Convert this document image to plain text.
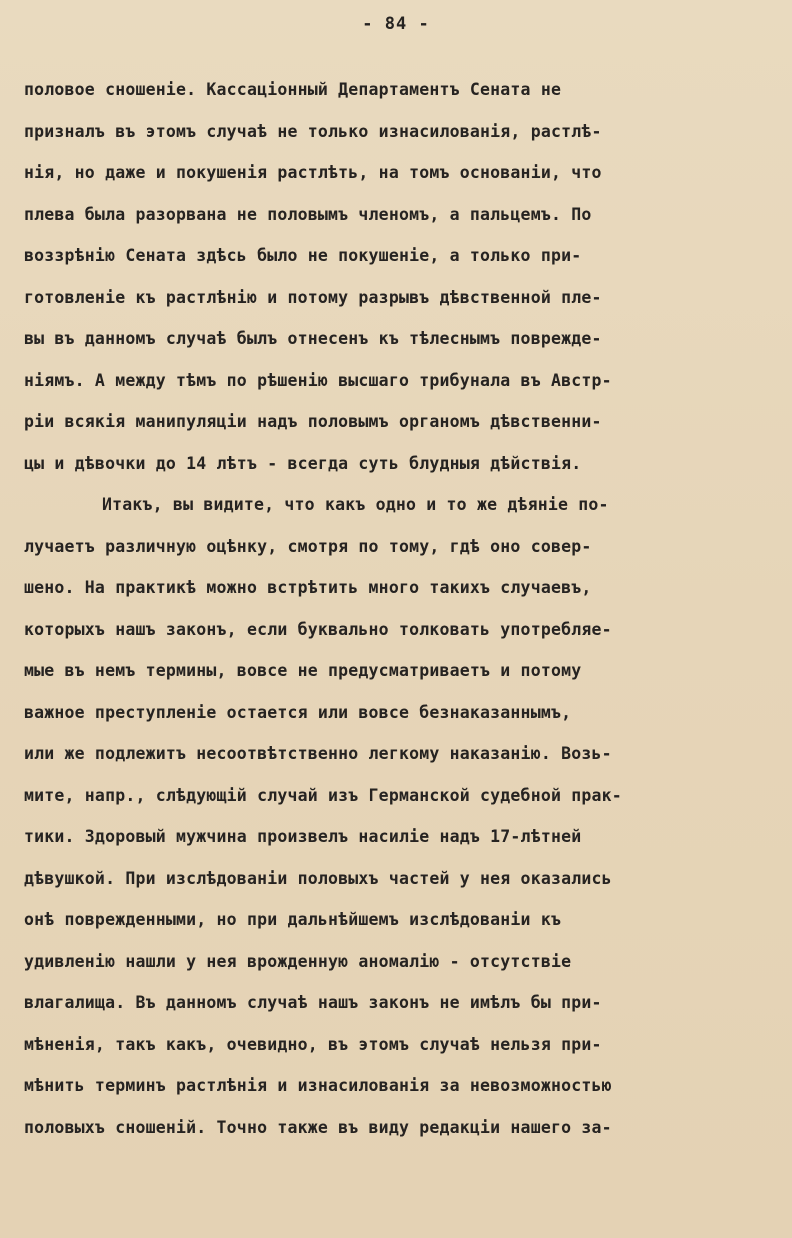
- 84 -
половое сношеніе. Кассаціонный Департаментъ Сената не
призналъ въ этомъ случаѣ не только изнасилованія, растлѣ-
нія, но даже и покушенія растлѣть, на томъ основаніи, что
плева была разорвана не половымъ членомъ, а пальцемъ. По
воззрѣнію Сената здѣсь было не покушеніе, а только при-
готовленіе къ растлѣнію и потому разрывъ дѣвственной пле-
вы въ данномъ случаѣ былъ отнесенъ къ тѣлеснымъ поврежде-
ніямъ. А между тѣмъ по рѣшенію высшаго трибунала въ Австр-
ріи всякія манипуляціи надъ половымъ органомъ дѣвственни-
цы и дѣвочки до 14 лѣтъ - всегда суть блудныя дѣйствія.
Итакъ, вы видите, что какъ одно и то же дѣяніе по-
лучаетъ различную оцѣнку, смотря по тому, гдѣ оно совер-
шено. На практикѣ можно встрѣтить много такихъ случаевъ,
которыхъ нашъ законъ, если буквально толковать употребляе-
мые въ немъ термины, вовсе не предусматриваетъ и потому
важное преступленіе остается или вовсе безнаказаннымъ,
или же подлежитъ несоотвѣтственно легкому наказанію. Возь-
мите, напр., слѣдующій случай изъ Германской судебной прак-
тики. Здоровый мужчина произвелъ насиліе надъ 17-лѣтней
дѣвушкой. При изслѣдованіи половыхъ частей у нея оказались
онѣ поврежденными, но при дальнѣйшемъ изслѣдованіи къ
удивленію нашли у нея врожденную аномалію - отсутствіе
влагалища. Въ данномъ случаѣ нашъ законъ не имѣлъ бы при-
мѣненія, такъ какъ, очевидно, въ этомъ случаѣ нельзя при-
мѣнить терминъ растлѣнія и изнасилованія за невозможностью
половыхъ сношеній. Точно также въ виду редакціи нашего за-
